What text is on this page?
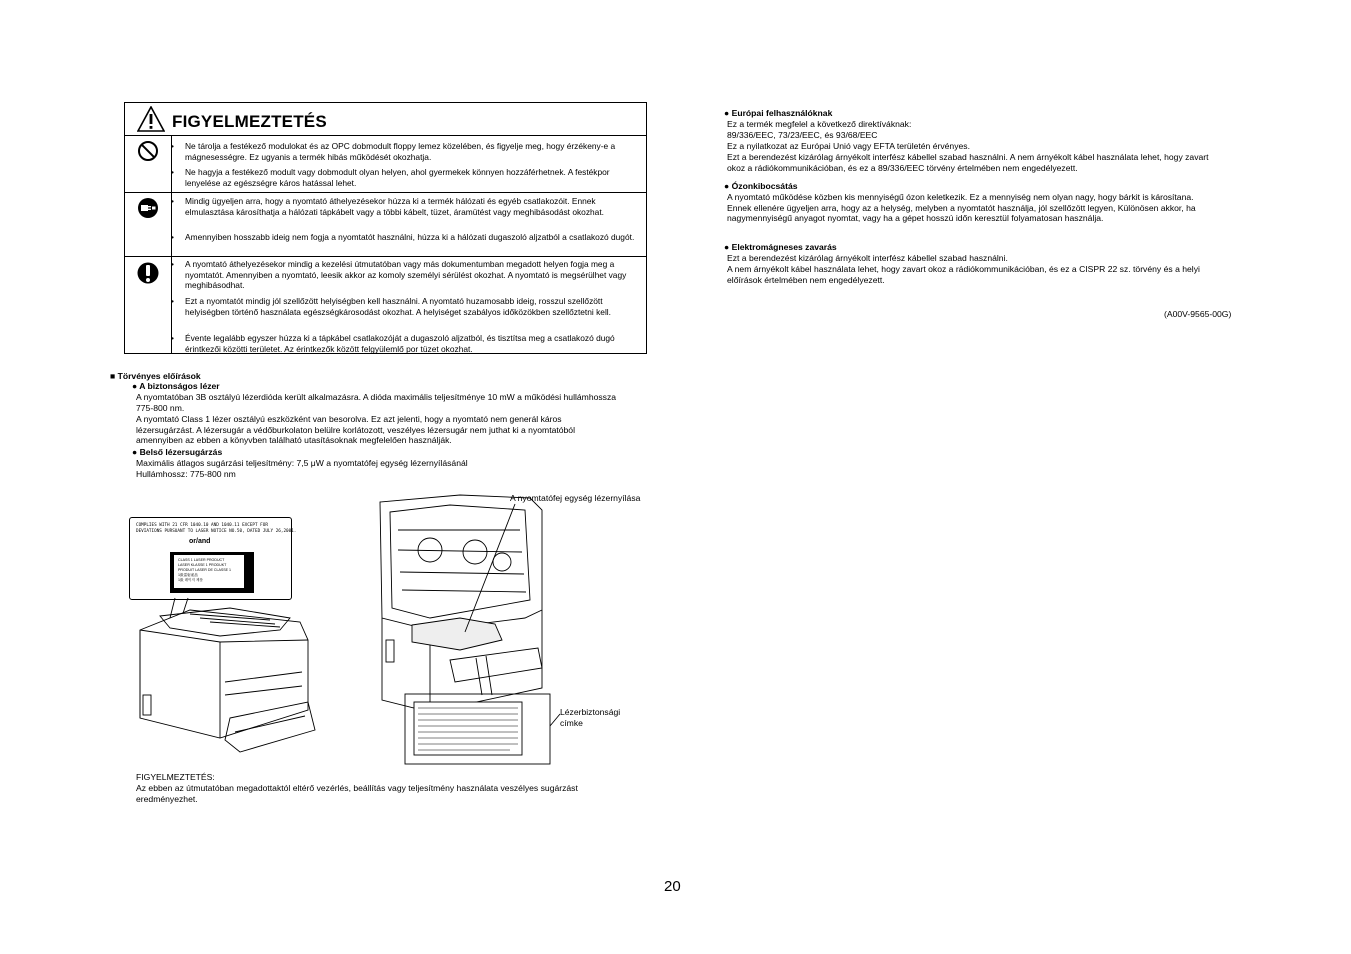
FIGYELMEZTETÉS
• Ne tárolja a festékező modulokat és az OPC dobmodult floppy lemez közelében, és figyelje meg, hogy érzékeny-e a mágnesességre. Ez ugyanis a termék hibás működését okozhatja.
• Ne hagyja a festékező modult vagy dobmodult olyan helyen, ahol gyermekek könnyen hozzáférhetnek. A festékpor lenyelése az egészségre káros hatással lehet.
• Mindig ügyeljen arra, hogy a nyomtató áthelyezésekor húzza ki a termék hálózati és egyéb csatlakozóit. Ennek elmulasztása károsíthatja a hálózati tápkábelt vagy a többi kábelt, tüzet, áramütést vagy meghibásodást okozhat.
• Amennyiben hosszabb ideig nem fogja a nyomtatót használni, húzza ki a hálózati dugaszoló aljzatból a csatlakozó dugót.
• A nyomtató áthelyezésekor mindig a kezelési útmutatóban vagy más dokumentumban megadott helyen fogja meg a nyomtatót. Amennyiben a nyomtató, leesik akkor az komoly személyi sérülést okozhat. A nyomtató is megsérülhet vagy meghibásodhat.
• Ezt a nyomtatót mindig jól szellőzött helyiségben kell használni. A nyomtató huzamosabb ideig, rosszul szellőzött helyiségben történő használata egészségkárosodást okozhat. A helyiséget szabályos időközökben szellőztetni kell.
• Évente legalább egyszer húzza ki a tápkábel csatlakozóját a dugaszoló aljzatból, és tisztítsa meg a csatlakozó dugó érintkezői közötti területet. Az érintkezők között felgyülemlő por tüzet okozhat.
■ Törvényes előírások
● A biztonságos lézer
A nyomtatóban 3B osztályú lézerdióda került alkalmazásra. A dióda maximális teljesítménye 10 mW a működési hullámhossza 775-800 nm.
A nyomtató Class 1 lézer osztályú eszközként van besorolva. Ez azt jelenti, hogy a nyomtató nem generál káros lézersugárzást. A lézersugár a védőburkolaton belülre korlátozott, veszélyes lézersugár nem juthat ki a nyomtatóból amennyiben az ebben a könyvben található utasításoknak megfelelően használják.
● Belső lézersugárzás
Maximális átlagos sugárzási teljesítmény: 7,5 μW a nyomtatófej egység lézernyílásánál
Hullámhossz: 775-800 nm
COMPLIES WITH 21 CFR 1040.10 AND 1040.11 EXCEPT FOR
DEVIATIONS PURSUANT TO LASER NOTICE NO.50, DATED JULY 26,2001.
or/and
CLASS 1 LASER PRODUCT
LASER KLASSE 1 PRODUKT
PRODUIT LASER DE CLASSE 1
1級雷射產品
1級 레이저 제품
A nyomtatófej egység lézernyílása
Lézerbiztonsági
címke
FIGYELMEZTETÉS:
Az ebben az útmutatóban megadottaktól eltérő vezérlés, beállítás vagy teljesítmény használata veszélyes sugárzást eredményezhet.
● Európai felhasználóknak
Ez a termék megfelel a következő direktíváknak:
89/336/EEC, 73/23/EEC, és 93/68/EEC
Ez a nyilatkozat az Európai Unió vagy EFTA területén érvényes.
Ezt a berendezést kizárólag árnyékolt interfész kábellel szabad használni. A nem árnyékolt kábel használata lehet, hogy zavart okoz a rádiókommunikációban, és ez a 89/336/EEC törvény értelmében nem engedélyezett.
● Ózonkibocsátás
A nyomtató működése közben kis mennyiségű ózon keletkezik. Ez a mennyiség nem olyan nagy, hogy bárkit is károsítana. Ennek ellenére ügyeljen arra, hogy az a helység, melyben a nyomtatót használja, jól szellőzött legyen, Különösen akkor, ha nagymennyiségű anyagot nyomtat, vagy ha a gépet hosszú időn keresztül folyamatosan használja.
● Elektromágneses zavarás
Ezt a berendezést kizárólag árnyékolt interfész kábellel szabad használni.
A nem árnyékolt kábel használata lehet, hogy zavart okoz a rádiókommunikációban, és ez a CISPR 22 sz. törvény és a helyi előírások értelmében nem engedélyezett.
(A00V-9565-00G)
20
